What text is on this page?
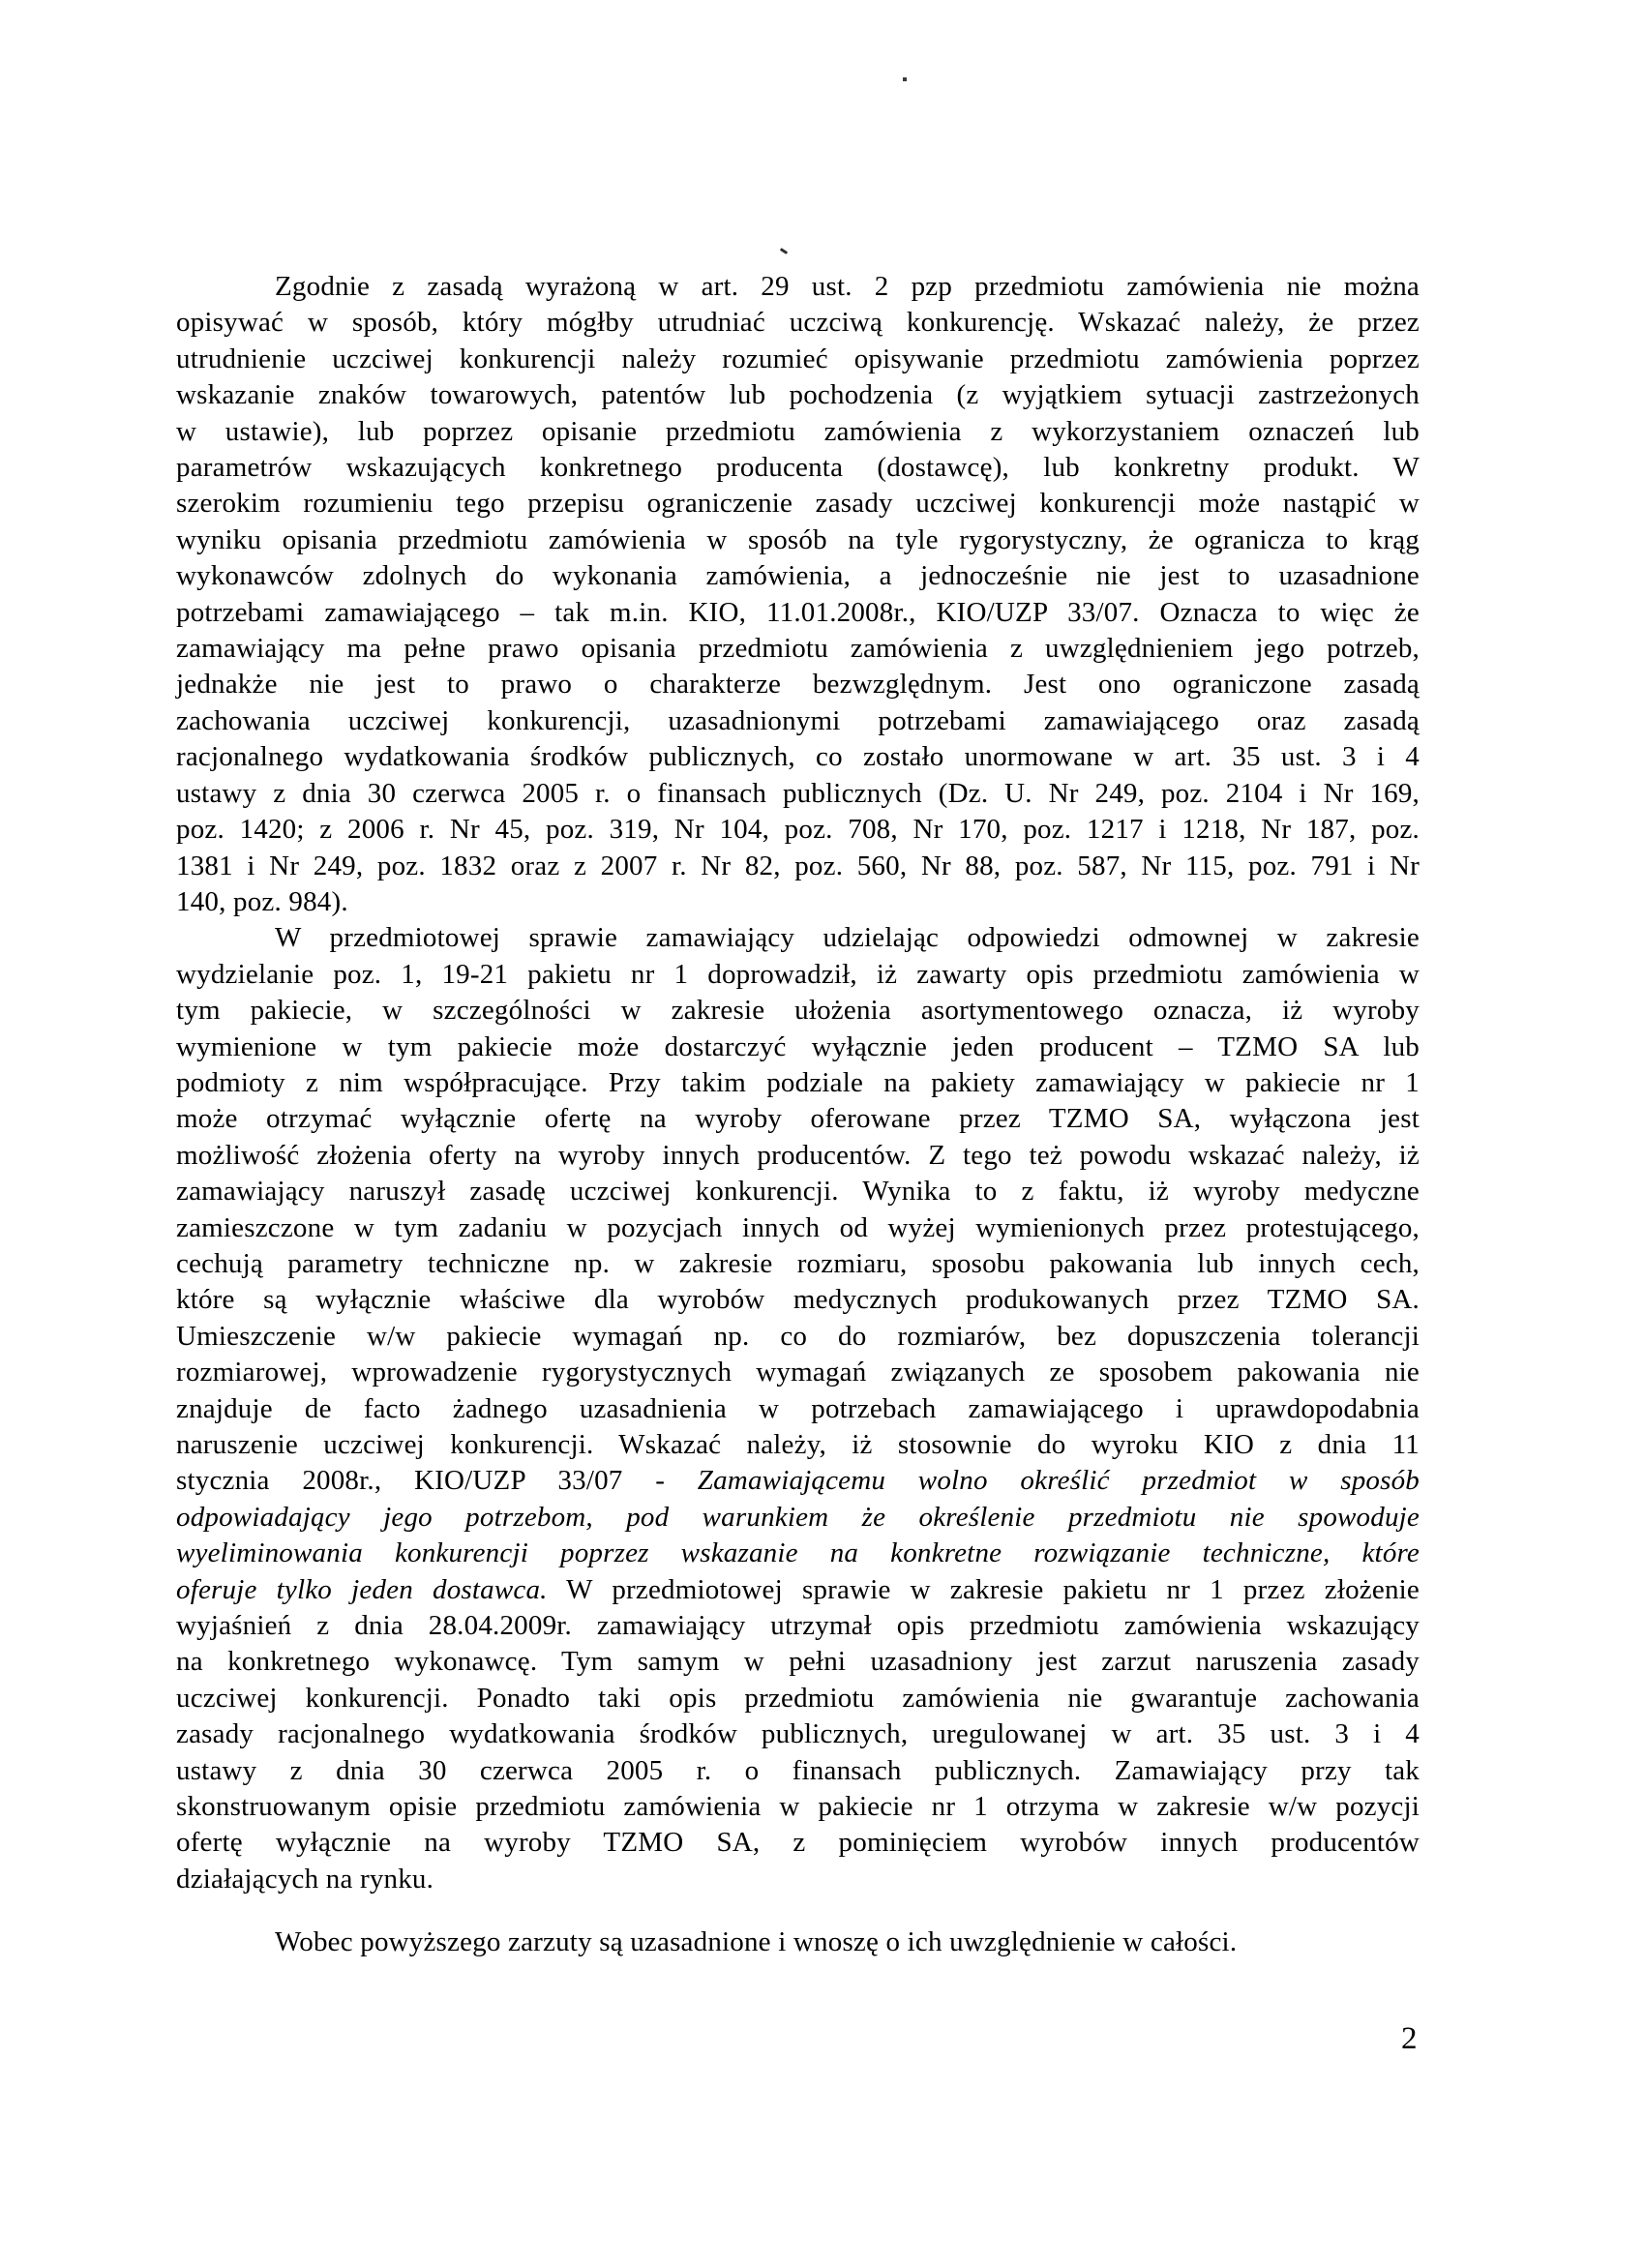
Zgodnie z zasadą wyrażoną w art. 29 ust. 2 pzp przedmiotu zamówienia nie można
opisywać w sposób, który mógłby utrudniać uczciwą konkurencję. Wskazać należy, że przez
utrudnienie uczciwej konkurencji należy rozumieć opisywanie przedmiotu zamówienia poprzez
wskazanie znaków towarowych, patentów lub pochodzenia (z wyjątkiem sytuacji zastrzeżonych
w ustawie), lub poprzez opisanie przedmiotu zamówienia z wykorzystaniem oznaczeń lub
parametrów wskazujących konkretnego producenta (dostawcę), lub konkretny produkt. W
szerokim rozumieniu tego przepisu ograniczenie zasady uczciwej konkurencji może nastąpić w
wyniku opisania przedmiotu zamówienia w sposób na tyle rygorystyczny, że ogranicza to krąg
wykonawców zdolnych do wykonania zamówienia, a jednocześnie nie jest to uzasadnione
potrzebami zamawiającego – tak m.in. KIO, 11.01.2008r., KIO/UZP 33/07. Oznacza to więc że
zamawiający ma pełne prawo opisania przedmiotu zamówienia z uwzględnieniem jego potrzeb,
jednakże nie jest to prawo o charakterze bezwzględnym. Jest ono ograniczone zasadą
zachowania uczciwej konkurencji, uzasadnionymi potrzebami zamawiającego oraz zasadą
racjonalnego wydatkowania środków publicznych, co zostało unormowane w art. 35 ust. 3 i 4
ustawy z dnia 30 czerwca 2005 r. o finansach publicznych (Dz. U. Nr 249, poz. 2104 i Nr 169,
poz. 1420; z 2006 r. Nr 45, poz. 319, Nr 104, poz. 708, Nr 170, poz. 1217 i 1218, Nr 187, poz.
1381 i Nr 249, poz. 1832 oraz z 2007 r. Nr 82, poz. 560, Nr 88, poz. 587, Nr 115, poz. 791 i Nr
140, poz. 984).
W przedmiotowej sprawie zamawiający udzielając odpowiedzi odmownej w zakresie
wydzielanie poz. 1, 19-21 pakietu nr 1 doprowadził, iż zawarty opis przedmiotu zamówienia w
tym pakiecie, w szczególności w zakresie ułożenia asortymentowego oznacza, iż wyroby
wymienione w tym pakiecie może dostarczyć wyłącznie jeden producent – TZMO SA lub
podmioty z nim współpracujące. Przy takim podziale na pakiety zamawiający w pakiecie nr 1
może otrzymać wyłącznie ofertę na wyroby oferowane przez TZMO SA, wyłączona jest
możliwość złożenia oferty na wyroby innych producentów. Z tego też powodu wskazać należy, iż
zamawiający naruszył zasadę uczciwej konkurencji. Wynika to z faktu, iż wyroby medyczne
zamieszczone w tym zadaniu w pozycjach innych od wyżej wymienionych przez protestującego,
cechują parametry techniczne np. w zakresie rozmiaru, sposobu pakowania lub innych cech,
które są wyłącznie właściwe dla wyrobów medycznych produkowanych przez TZMO SA.
Umieszczenie w/w pakiecie wymagań np. co do rozmiarów, bez dopuszczenia tolerancji
rozmiarowej, wprowadzenie rygorystycznych wymagań związanych ze sposobem pakowania nie
znajduje de facto żadnego uzasadnienia w potrzebach zamawiającego i uprawdopodabnia
naruszenie uczciwej konkurencji. Wskazać należy, iż stosownie do wyroku KIO z dnia 11
stycznia 2008r., KIO/UZP 33/07 - Zamawiającemu wolno określić przedmiot w sposób
odpowiadający jego potrzebom, pod warunkiem że określenie przedmiotu nie spowoduje
wyeliminowania konkurencji poprzez wskazanie na konkretne rozwiązanie techniczne, które
oferuje tylko jeden dostawca. W przedmiotowej sprawie w zakresie pakietu nr 1 przez złożenie
wyjaśnień z dnia 28.04.2009r. zamawiający utrzymał opis przedmiotu zamówienia wskazujący
na konkretnego wykonawcę. Tym samym w pełni uzasadniony jest zarzut naruszenia zasady
uczciwej konkurencji. Ponadto taki opis przedmiotu zamówienia nie gwarantuje zachowania
zasady racjonalnego wydatkowania środków publicznych, uregulowanej w art. 35 ust. 3 i 4
ustawy z dnia 30 czerwca 2005 r. o finansach publicznych. Zamawiający przy tak
skonstruowanym opisie przedmiotu zamówienia w pakiecie nr 1 otrzyma w zakresie w/w pozycji
ofertę wyłącznie na wyroby TZMO SA, z pominięciem wyrobów innych producentów
działających na rynku.
Wobec powyższego zarzuty są uzasadnione i wnoszę o ich uwzględnienie w całości.
2
